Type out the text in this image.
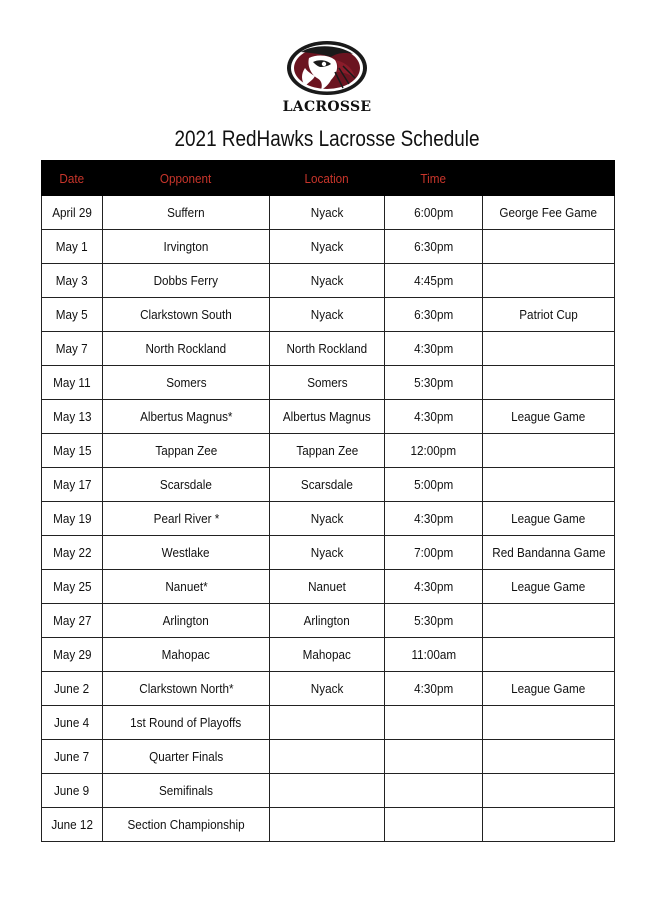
LACROSSE
2021 RedHawks Lacrosse Schedule
Date	Opponent	Location	Time	
April 29	Suffern	Nyack	6:00pm	George Fee Game
May 1	Irvington	Nyack	6:30pm	
May 3	Dobbs Ferry	Nyack	4:45pm	
May 5	Clarkstown South	Nyack	6:30pm	Patriot Cup
May 7	North Rockland	North Rockland	4:30pm	
May 11	Somers	Somers	5:30pm	
May 13	Albertus Magnus*	Albertus Magnus	4:30pm	League Game
May 15	Tappan Zee	Tappan Zee	12:00pm	
May 17	Scarsdale	Scarsdale	5:00pm	
May 19	Pearl River *	Nyack	4:30pm	League Game
May 22	Westlake	Nyack	7:00pm	Red Bandanna Game
May 25	Nanuet*	Nanuet	4:30pm	League Game
May 27	Arlington	Arlington	5:30pm	
May 29	Mahopac	Mahopac	11:00am	
June 2	Clarkstown North*	Nyack	4:30pm	League Game
June 4	1st Round of Playoffs			
June 7	Quarter Finals			
June 9	Semifinals			
June 12	Section Championship			
